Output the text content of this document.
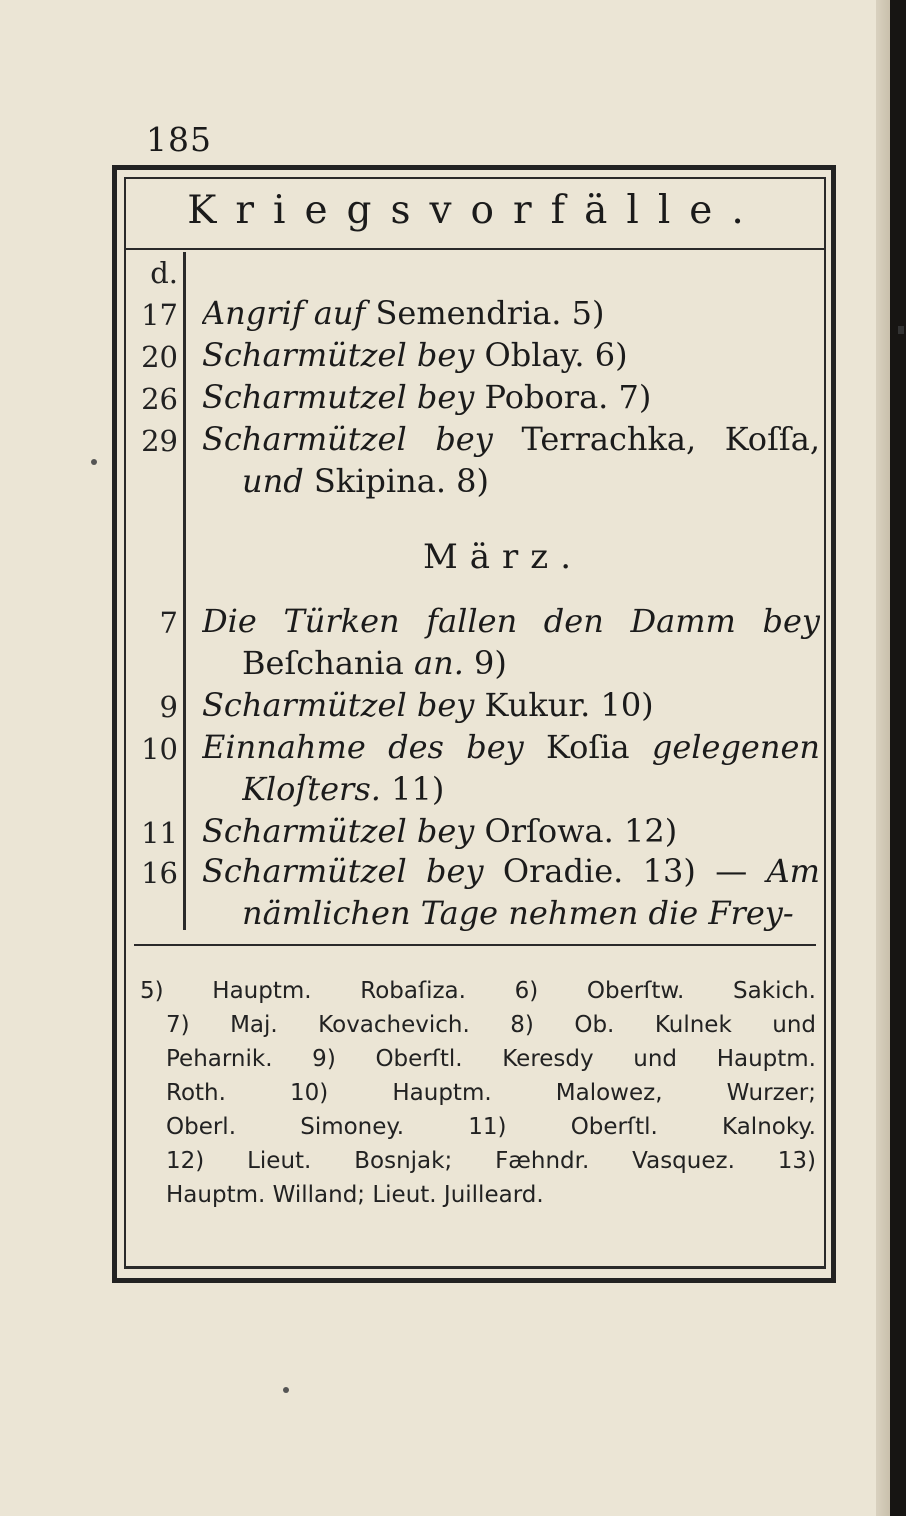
185
Kriegsvorfälle.
d.
17 Angrif auf Semendria. 5)
20 Scharmützel bey Oblay. 6)
26 Scharmutzel bey Pobora. 7)
29 Scharmützel bey Terrachka, Koſſa,
und Skipina. 8)
7 Die Türken fallen den Damm bey
Beſchania an. 9)
9 Scharmützel bey Kukur. 10)
10 Einnahme des bey Koſia gelegenen
Kloſters. 11)
11 Scharmützel bey Orſowa. 12)
16 Scharmützel bey Oradie. 13) — Am
nämlichen Tage nehmen die Frey-
März.
5) Hauptm. Robaſiza. 6) Oberſtw. Sakich.
7) Maj. Kovachevich. 8) Ob. Kulnek und
Peharnik. 9) Oberſtl. Keresdy und Hauptm.
Roth. 10) Hauptm. Malowez, Wurzer;
Oberl. Simoney. 11) Oberſtl. Kalnoky.
12) Lieut. Bosnjak; Fæhndr. Vasquez. 13)
Hauptm. Willand; Lieut. Juilleard.
